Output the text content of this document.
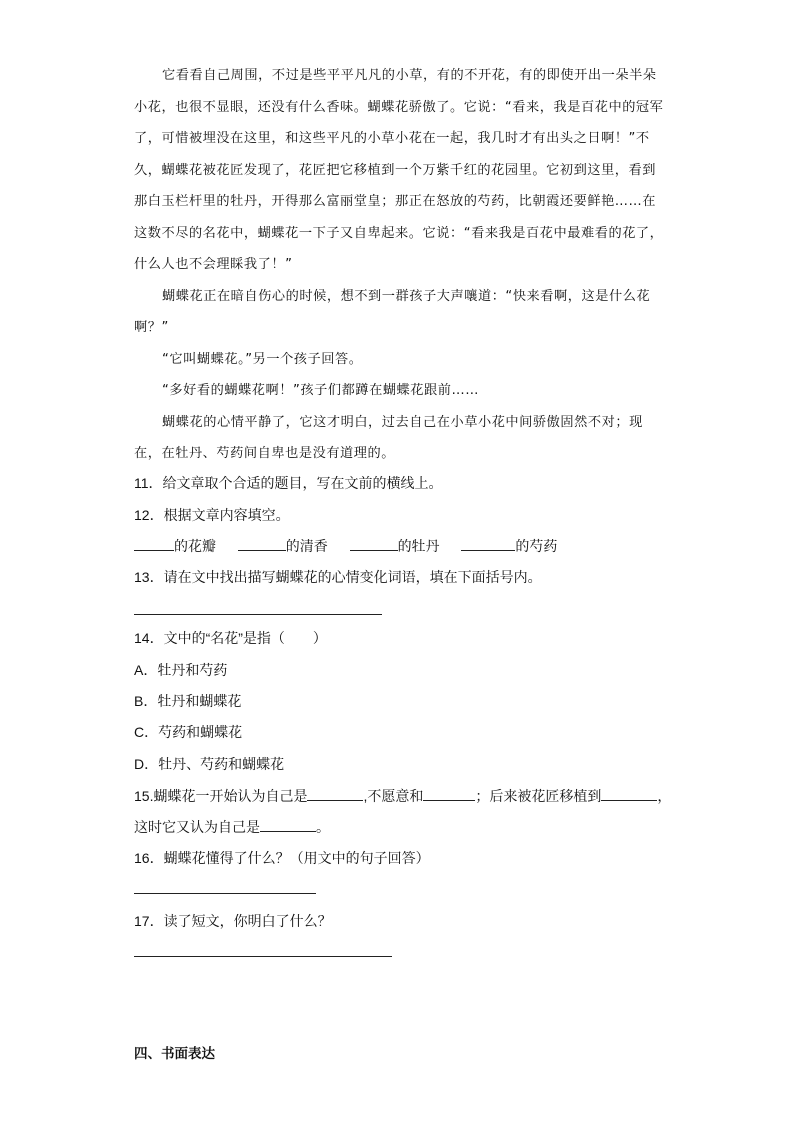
它看看自己周围，不过是些平平凡凡的小草，有的不开花，有的即使开出一朵半朵小花，也很不显眼，还没有什么香味。蝴蝶花骄傲了。它说：“看来，我是百花中的冠军了，可惜被埋没在这里，和这些平凡的小草小花在一起，我几时才有出头之日啊！”不久，蝴蝶花被花匠发现了，花匠把它移植到一个万紫千红的花园里。它初到这里，看到那白玉栏杆里的牡丹，开得那么富丽堂皇；那正在怒放的芍药，比朝霞还要鲜艳……在这数不尽的名花中，蝴蝶花一下子又自卑起来。它说：“看来我是百花中最难看的花了，什么人也不会理睬我了！”

蝴蝶花正在暗自伤心的时候，想不到一群孩子大声嚷道：“快来看啊，这是什么花啊？”

“它叫蝴蝶花。”另一个孩子回答。

“多好看的蝴蝶花啊！”孩子们都蹲在蝴蝶花跟前……

蝴蝶花的心情平静了，它这才明白，过去自己在小草小花中间骄傲固然不对；现在，在牡丹、芍药间自卑也是没有道理的。

11．给文章取个合适的题目，写在文前的横线上。
12．根据文章内容填空。
的花瓣	的清香	的牡丹	的芍药
13．请在文中找出描写蝴蝶花的心情变化词语，填在下面括号内。
14．文中的“名花”是指（　　）
A．牡丹和芍药
B．牡丹和蝴蝶花
C．芍药和蝴蝶花
D．牡丹、芍药和蝴蝶花
15.蝴蝶花一开始认为自己是	,不愿意和	；后来被花匠移植到	，
这时它又认为自己是	。
16．蝴蝶花懂得了什么？（用文中的句子回答）
17．读了短文，你明白了什么？
四、书面表达
